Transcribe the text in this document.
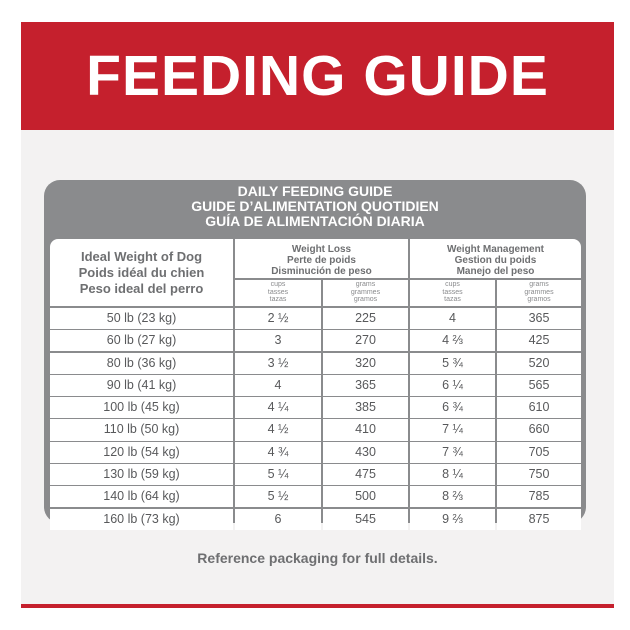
FEEDING GUIDE
DAILY FEEDING GUIDE
GUIDE D’ALIMENTATION QUOTIDIEN
GUÍA DE ALIMENTACIÓN DIARIA
Ideal Weight of Dog
Poids idéal du chien
Peso ideal del perro
Weight Loss
Perte de poids
Disminución de peso
Weight Management
Gestion du poids
Manejo del peso
cups
tasses
tazas
grams
grammes
gramos
cups
tasses
tazas
grams
grammes
gramos
50 lb (23 kg)	2 ½	225	4	365
60 lb (27 kg)	3	270	4 ⅔	425
80 lb (36 kg)	3 ½	320	5 ¾	520
90 lb (41 kg)	4	365	6 ¼	565
100 lb (45 kg)	4 ¼	385	6 ¾	610
110 lb (50 kg)	4 ½	410	7 ¼	660
120 lb (54 kg)	4 ¾	430	7 ¾	705
130 lb (59 kg)	5 ¼	475	8 ¼	750
140 lb (64 kg)	5 ½	500	8 ⅔	785
160 lb (73 kg)	6	545	9 ⅔	875
Reference packaging for full details.
